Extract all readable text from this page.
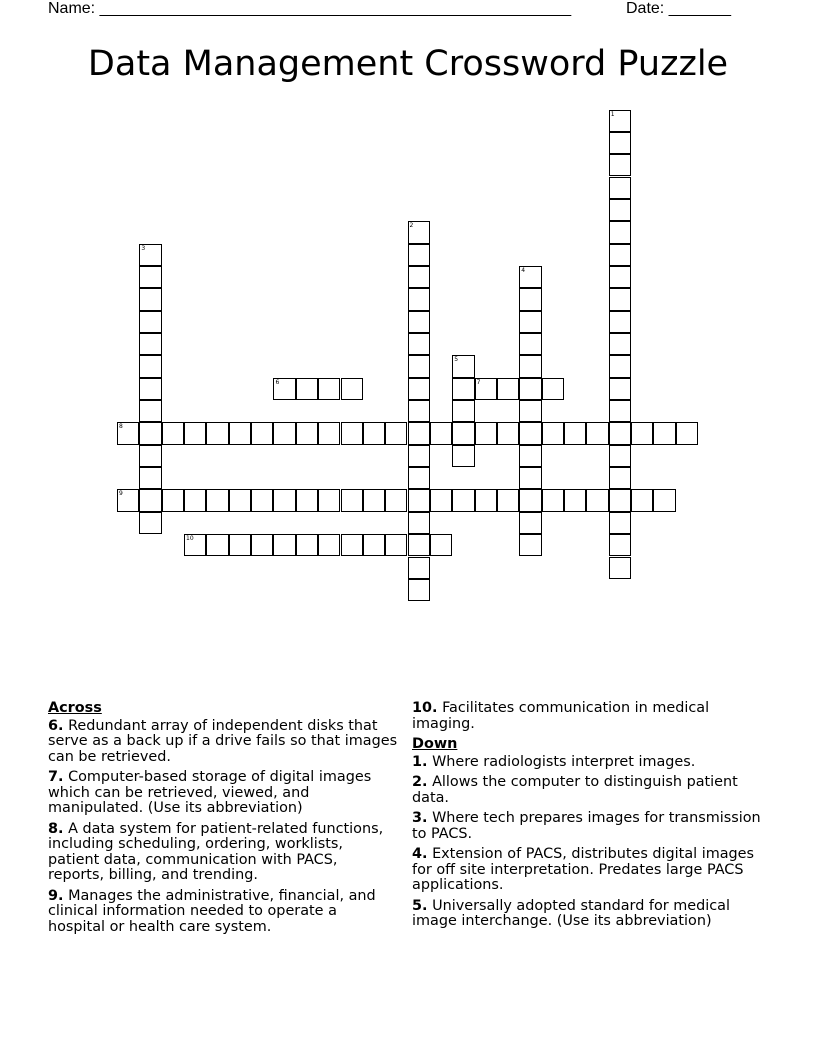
Name: _____________________________________________________	Date: _______
Data Management Crossword Puzzle
1
2
3
4
5
6	7
8
9
10
Across
6. Redundant array of independent disks that serve as a back up if a drive fails so that images can be retrieved.
7. Computer-based storage of digital images which can be retrieved, viewed, and manipulated. (Use its abbreviation)
8. A data system for patient-related functions, including scheduling, ordering, worklists, patient data, communication with PACS, reports, billing, and trending.
9. Manages the administrative, financial, and clinical information needed to operate a hospital or health care system.
10. Facilitates communication in medical imaging.
Down
1. Where radiologists interpret images.
2. Allows the computer to distinguish patient data.
3. Where tech prepares images for transmission to PACS.
4. Extension of PACS, distributes digital images for off site interpretation. Predates large PACS applications.
5. Universally adopted standard for medical image interchange. (Use its abbreviation)
